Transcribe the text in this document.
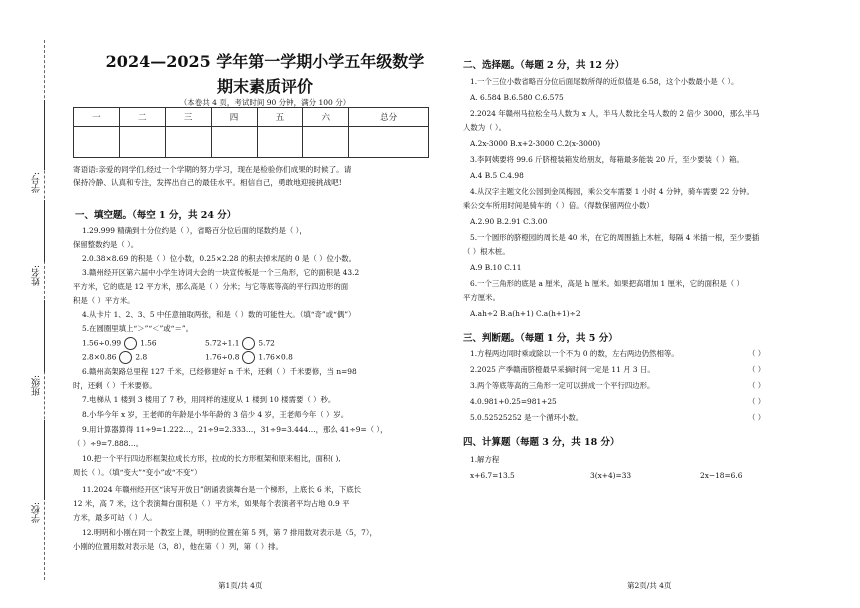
学号:
姓名:
班级:
学校:
2024—2025 学年第一学期小学五年级数学
期末素质评价
（本卷共 4 页，考试时间 90 分钟，满分 100 分）
一	二	三	四	五	六	总分

寄语语:亲爱的同学们,经过一个学期的努力学习，现在是检验你们成果的时候了。请
保持冷静、认真和专注，发挥出自己的最佳水平。相信自己，勇敢地迎接挑战吧!
一、填空题。（每空 1 分，共 24 分）
1.29.999 精确到十分位约是（ ），省略百分位后面的尾数约是（ ），
保留整数约是（ ）。
2.0.38×8.69 的积是（ ）位小数，0.25×2.28 的积去掉末尾的 0 是（ ）位小数。
3.赣州经开区第六届中小学生诗词大会的一块宣传板是一个三角形，它的面积是 43.2
平方米，它的底是 12 平方米，那么高是（ ）分米；与它等底等高的平行四边形的面
积是（ ）平方米。
4.从卡片 1、2、3、5 中任意抽取两张，和是（ ）数的可能性大。（填“奇”或“偶”）
5.在圆圈里填上“＞”“＜”或“＝”。
1.56÷0.99	1.56	5.72÷1.1	5.72
2.8×0.86	2.8	1.76÷0.8	1.76×0.8
6.赣州高架路总里程 127 千米，已经修建好 n 千米，还剩（ ）千米要修，当 n=98
时，还剩（ ）千米要修。
7.电梯从 1 楼到 3 楼用了 7 秒，用同样的速度从 1 楼到 10 楼需要（ ）秒。
8.小华今年 x 岁，王老师的年龄是小华年龄的 3 倍少 4 岁，王老师今年（ ）岁。
9.用计算器算得 11÷9=1.222…，21÷9=2.333…，31÷9=3.444…，那么 41÷9=（ ），
（ ）÷9=7.888…。
10.把一个平行四边形框架拉成长方形，拉成的长方形框架和原来相比，面积( ),
周长（ ）。（填“变大”“变小”或“不变”）
11.2024 年赣州经开区“读写开放日”朗诵表演舞台是一个梯形，上底长 6 米，下底长
12 米，高 7 米，这个表演舞台面积是（ ）平方米，如果每个表演者平均占地 0.9 平
方米，最多可站（ ）人。
12.明明和小刚在同一个教室上课，明明的位置在第 5 列，第 7 排用数对表示是（5，7），
小刚的位置用数对表示是（3，8），他在第（ ）列，第（ ）排。
二、选择题。（每题 2 分，共 12 分）
1.一个三位小数省略百分位后面尾数所得的近似值是 6.58，这个小数最小是（ ）。
A. 6.584 B.6.580 C.6.575
2.2024 年赣州马拉松全马人数为 x 人，半马人数比全马人数的 2 倍少 3000，那么半马
人数为（ ）。
A.2x-3000 B.x+2-3000 C.2(x-3000)
3.李阿姨要将 99.6 斤脐橙装箱发给朋友，每箱最多能装 20 斤，至少要装（ ）箱。
A.4 B.5 C.4.98
4.从汉字主题文化公园到金凤梅园，乘公交车需要 1 小时 4 分钟，骑车需要 22 分钟。
乘公交车所用时间是骑车的（ ）倍。（得数保留两位小数）
A.2.90 B.2.91 C.3.00
5.一个圆形的脐橙园的周长是 40 米，在它的周围插上木桩，每隔 4 米插一根，至少要插
（ ）根木桩。
A.9 B.10 C.11
6.一个三角形的底是 a 厘米，高是 h 厘米。如果把高增加 1 厘米，它的面积是（ ）
平方厘米。
A.ah÷2 B.a(h+1) C.a(h+1)÷2
三、判断题。（每题 1 分，共 5 分）
1.方程两边同时乘或除以一个不为 0 的数，左右两边仍然相等。	（ ）
2.2025 产季赣南脐橙最早采摘时间一定是 11 月 3 日。	（ ）
3.两个等底等高的三角形一定可以拼成一个平行四边形。	（ ）
4.0.981+0.25=981+25	（ ）
5.0.52525252 是一个循环小数。	（ ）
四、计算题（每题 3 分，共 18 分）
1.解方程
x+6.7=13.5	3(x+4)=33	2x−18=6.6
第1页/共 4页	第2页/共 4页
